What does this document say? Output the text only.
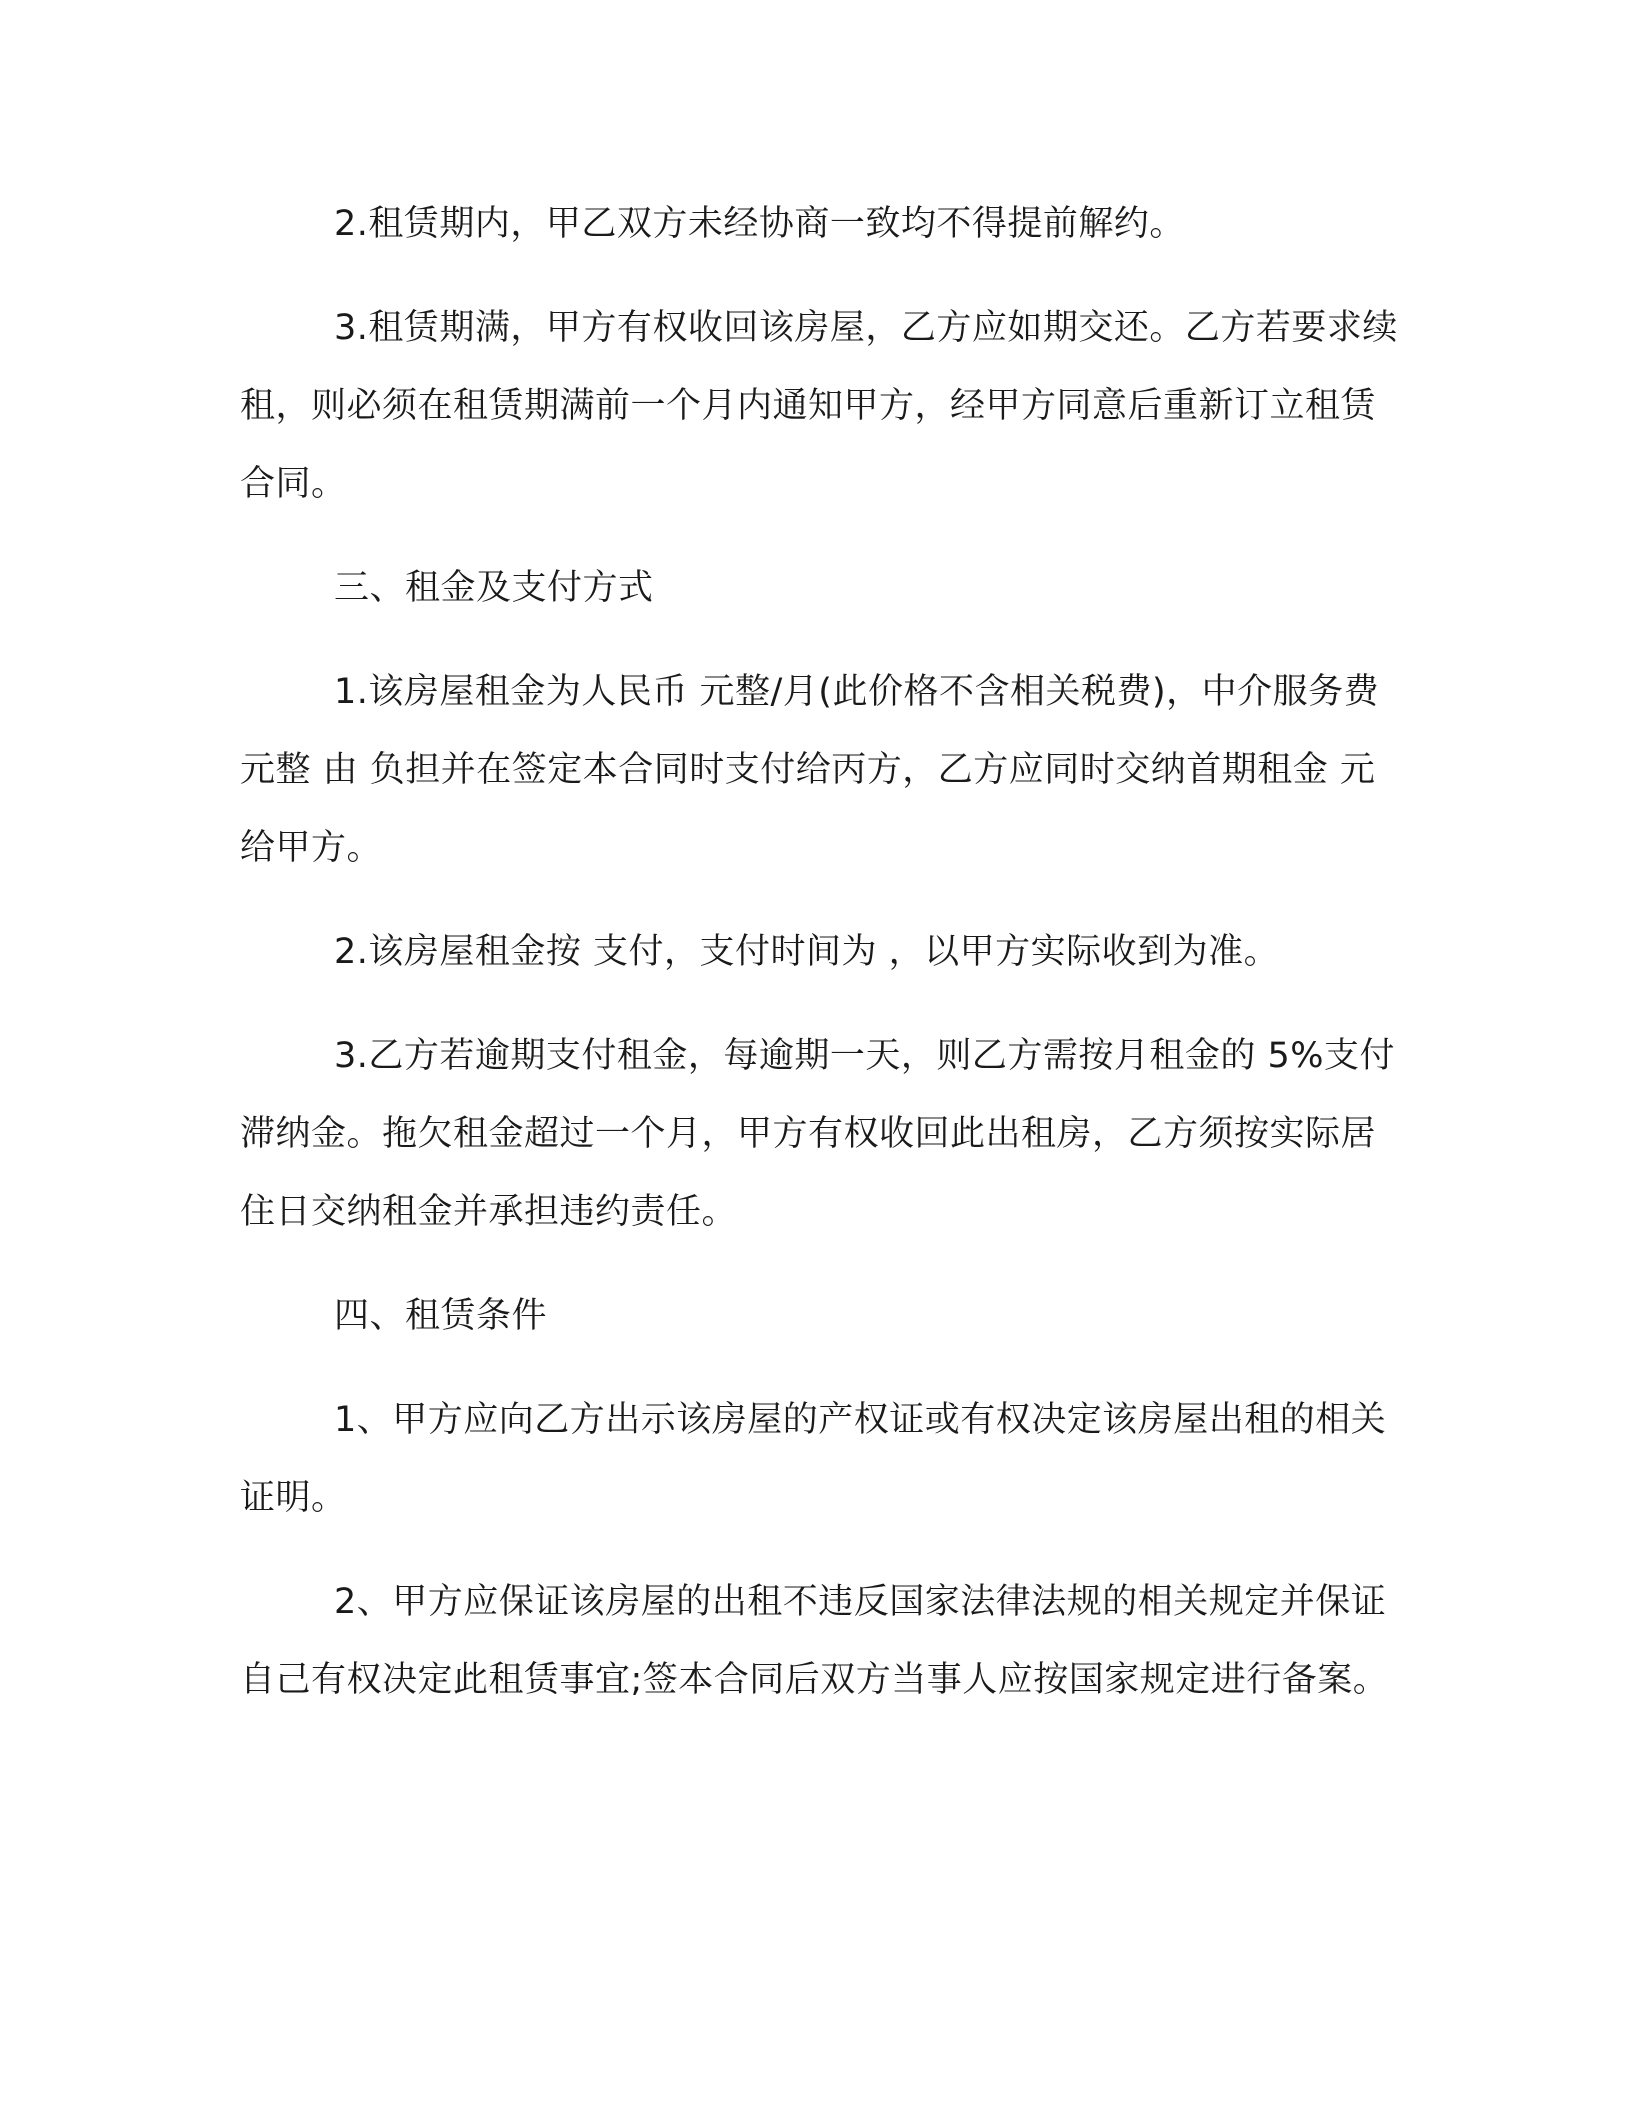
2.租赁期内，甲乙双方未经协商一致均不得提前解约。

3.租赁期满，甲方有权收回该房屋，乙方应如期交还。乙方若要求续租，则必须在租赁期满前一个月内通知甲方，经甲方同意后重新订立租赁合同。

三、租金及支付方式

1.该房屋租金为人民币 元整/月(此价格不含相关税费)，中介服务费 元整 由 负担并在签定本合同时支付给丙方，乙方应同时交纳首期租金 元给甲方。

2.该房屋租金按 支付，支付时间为 ，以甲方实际收到为准。

3.乙方若逾期支付租金，每逾期一天，则乙方需按月租金的 5%支付滞纳金。拖欠租金超过一个月，甲方有权收回此出租房，乙方须按实际居住日交纳租金并承担违约责任。

四、租赁条件

1、甲方应向乙方出示该房屋的产权证或有权决定该房屋出租的相关证明。

2、甲方应保证该房屋的出租不违反国家法律法规的相关规定并保证自己有权决定此租赁事宜;签本合同后双方当事人应按国家规定进行备案。
